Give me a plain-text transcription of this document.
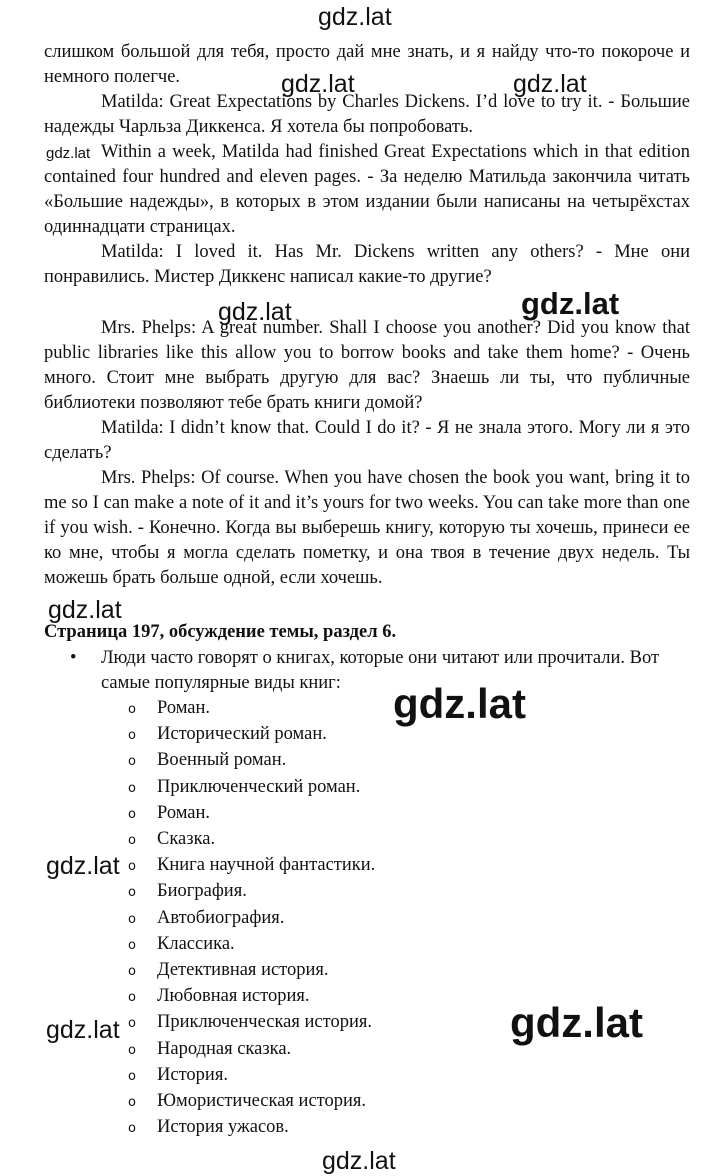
gdz.lat
gdz.lat	gdz.lat
gdz.lat
gdz.lat	gdz.lat
gdz.lat
gdz.lat
gdz.lat
gdz.lat	gdz.lat
gdz.lat

слишком большой для тебя, просто дай мне знать, и я найду что-то покороче и немного полегче.

Matilda: Great Expectations by Charles Dickens. I’d love to try it. - Большие надежды Чарльза Диккенса. Я хотела бы попробовать.

Within a week, Matilda had finished Great Expectations which in that edition contained four hundred and eleven pages. - За неделю Матильда закончила читать «Большие надежды», в которых в этом издании были написаны на четырёхстах одиннадцати страницах.

Matilda: I loved it. Has Mr. Dickens written any others? - Мне они понравились. Мистер Диккенс написал какие-то другие?

Mrs. Phelps: A great number. Shall I choose you another? Did you know that public libraries like this allow you to borrow books and take them home? - Очень много. Стоит мне выбрать другую для вас? Знаешь ли ты, что публичные библиотеки позволяют тебе брать книги домой?

Matilda: I didn’t know that. Could I do it? - Я не знала этого. Могу ли я это сделать?

Mrs. Phelps: Of course. When you have chosen the book you want, bring it to me so I can make a note of it and it’s yours for two weeks. You can take more than one if you wish. - Конечно. Когда вы выберешь книгу, которую ты хочешь, принеси ее ко мне, чтобы я могла сделать пометку, и она твоя в течение двух недель. Ты можешь брать больше одной, если хочешь.

Страница 197, обсуждение темы, раздел 6.
• Люди часто говорят о книгах, которые они читают или прочитали. Вот самые популярные виды книг:
o Роман.
o Исторический роман.
o Военный роман.
o Приключенческий роман.
o Роман.
o Сказка.
o Книга научной фантастики.
o Биография.
o Автобиография.
o Классика.
o Детективная история.
o Любовная история.
o Приключенческая история.
o Народная сказка.
o История.
o Юмористическая история.
o История ужасов.
